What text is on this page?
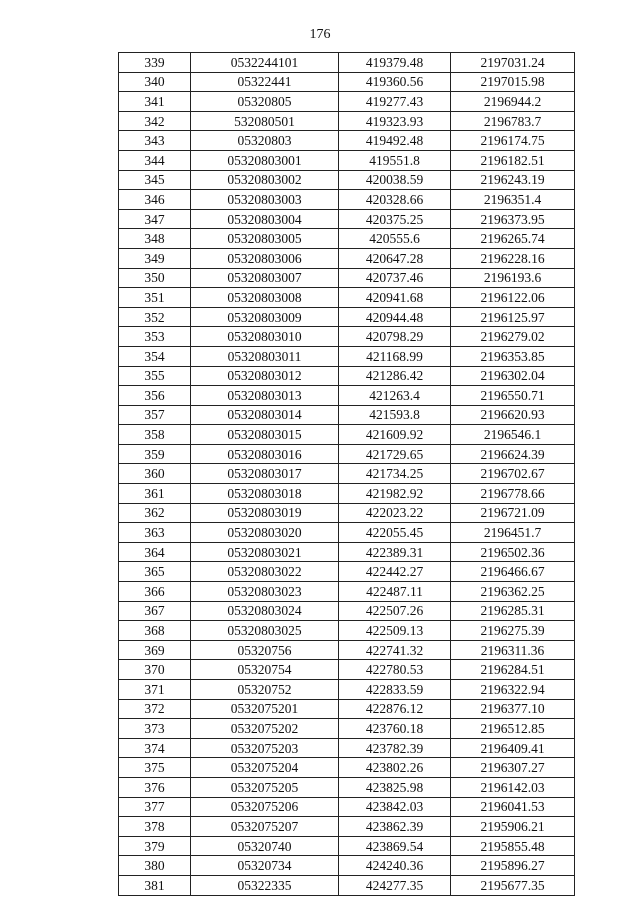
176
339	0532244101	419379.48	2197031.24
340	05322441	419360.56	2197015.98
341	05320805	419277.43	2196944.2
342	532080501	419323.93	2196783.7
343	05320803	419492.48	2196174.75
344	05320803001	419551.8	2196182.51
345	05320803002	420038.59	2196243.19
346	05320803003	420328.66	2196351.4
347	05320803004	420375.25	2196373.95
348	05320803005	420555.6	2196265.74
349	05320803006	420647.28	2196228.16
350	05320803007	420737.46	2196193.6
351	05320803008	420941.68	2196122.06
352	05320803009	420944.48	2196125.97
353	05320803010	420798.29	2196279.02
354	05320803011	421168.99	2196353.85
355	05320803012	421286.42	2196302.04
356	05320803013	421263.4	2196550.71
357	05320803014	421593.8	2196620.93
358	05320803015	421609.92	2196546.1
359	05320803016	421729.65	2196624.39
360	05320803017	421734.25	2196702.67
361	05320803018	421982.92	2196778.66
362	05320803019	422023.22	2196721.09
363	05320803020	422055.45	2196451.7
364	05320803021	422389.31	2196502.36
365	05320803022	422442.27	2196466.67
366	05320803023	422487.11	2196362.25
367	05320803024	422507.26	2196285.31
368	05320803025	422509.13	2196275.39
369	05320756	422741.32	2196311.36
370	05320754	422780.53	2196284.51
371	05320752	422833.59	2196322.94
372	0532075201	422876.12	2196377.10
373	0532075202	423760.18	2196512.85
374	0532075203	423782.39	2196409.41
375	0532075204	423802.26	2196307.27
376	0532075205	423825.98	2196142.03
377	0532075206	423842.03	2196041.53
378	0532075207	423862.39	2195906.21
379	05320740	423869.54	2195855.48
380	05320734	424240.36	2195896.27
381	05322335	424277.35	2195677.35
